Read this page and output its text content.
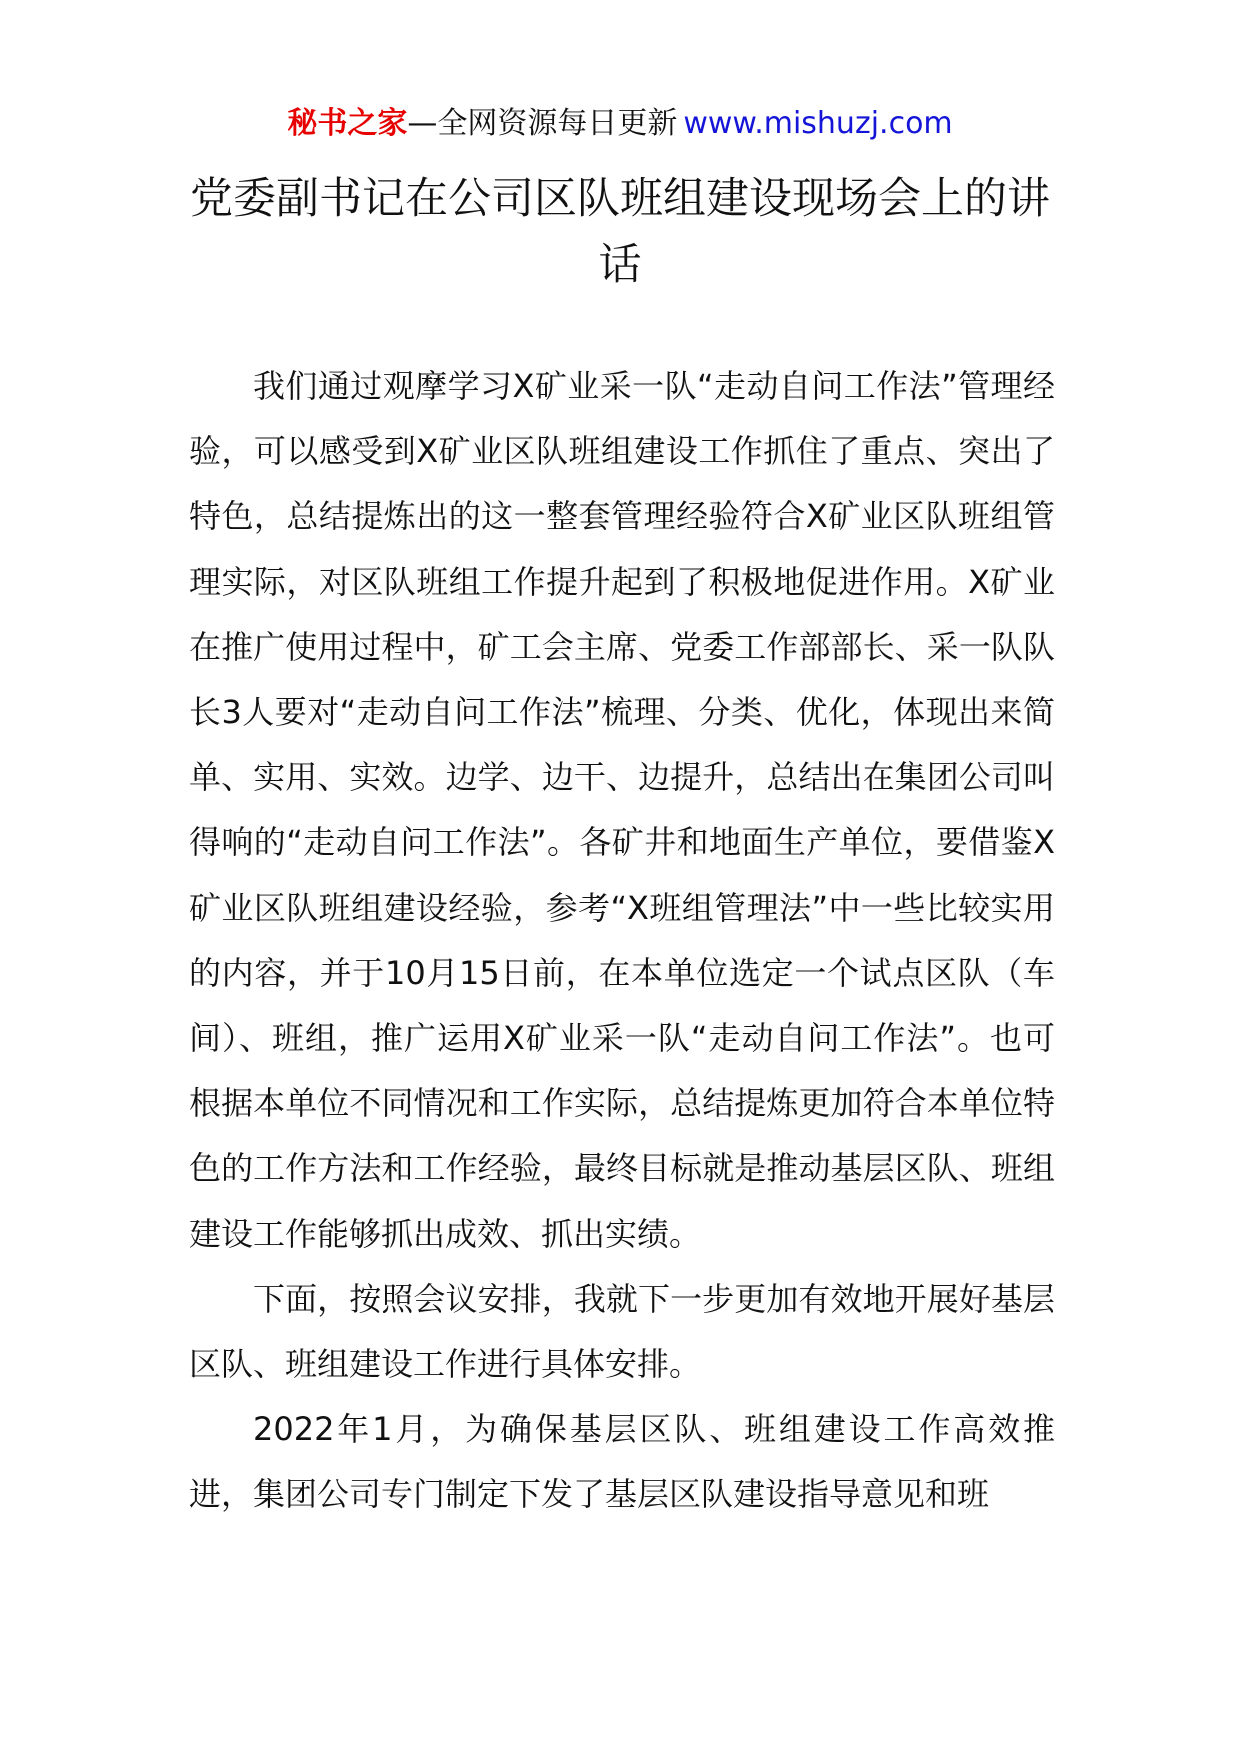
秘书之家—全网资源每日更新 www.mishuzj.com
党委副书记在公司区队班组建设现场会上的讲话

我们通过观摩学习X矿业采一队“走动自问工作法”管理经验，可以感受到X矿业区队班组建设工作抓住了重点、突出了特色，总结提炼出的这一整套管理经验符合X矿业区队班组管理实际，对区队班组工作提升起到了积极地促进作用。X矿业在推广使用过程中，矿工会主席、党委工作部部长、采一队队长3人要对“走动自问工作法”梳理、分类、优化，体现出来简单、实用、实效。边学、边干、边提升，总结出在集团公司叫得响的“走动自问工作法”。各矿井和地面生产单位，要借鉴X矿业区队班组建设经验，参考“X班组管理法”中一些比较实用的内容，并于10月15日前，在本单位选定一个试点区队（车间）、班组，推广运用X矿业采一队“走动自问工作法”。也可根据本单位不同情况和工作实际，总结提炼更加符合本单位特色的工作方法和工作经验，最终目标就是推动基层区队、班组建设工作能够抓出成效、抓出实绩。

下面，按照会议安排，我就下一步更加有效地开展好基层区队、班组建设工作进行具体安排。

2022年1月，为确保基层区队、班组建设工作高效推进，集团公司专门制定下发了基层区队建设指导意见和班
